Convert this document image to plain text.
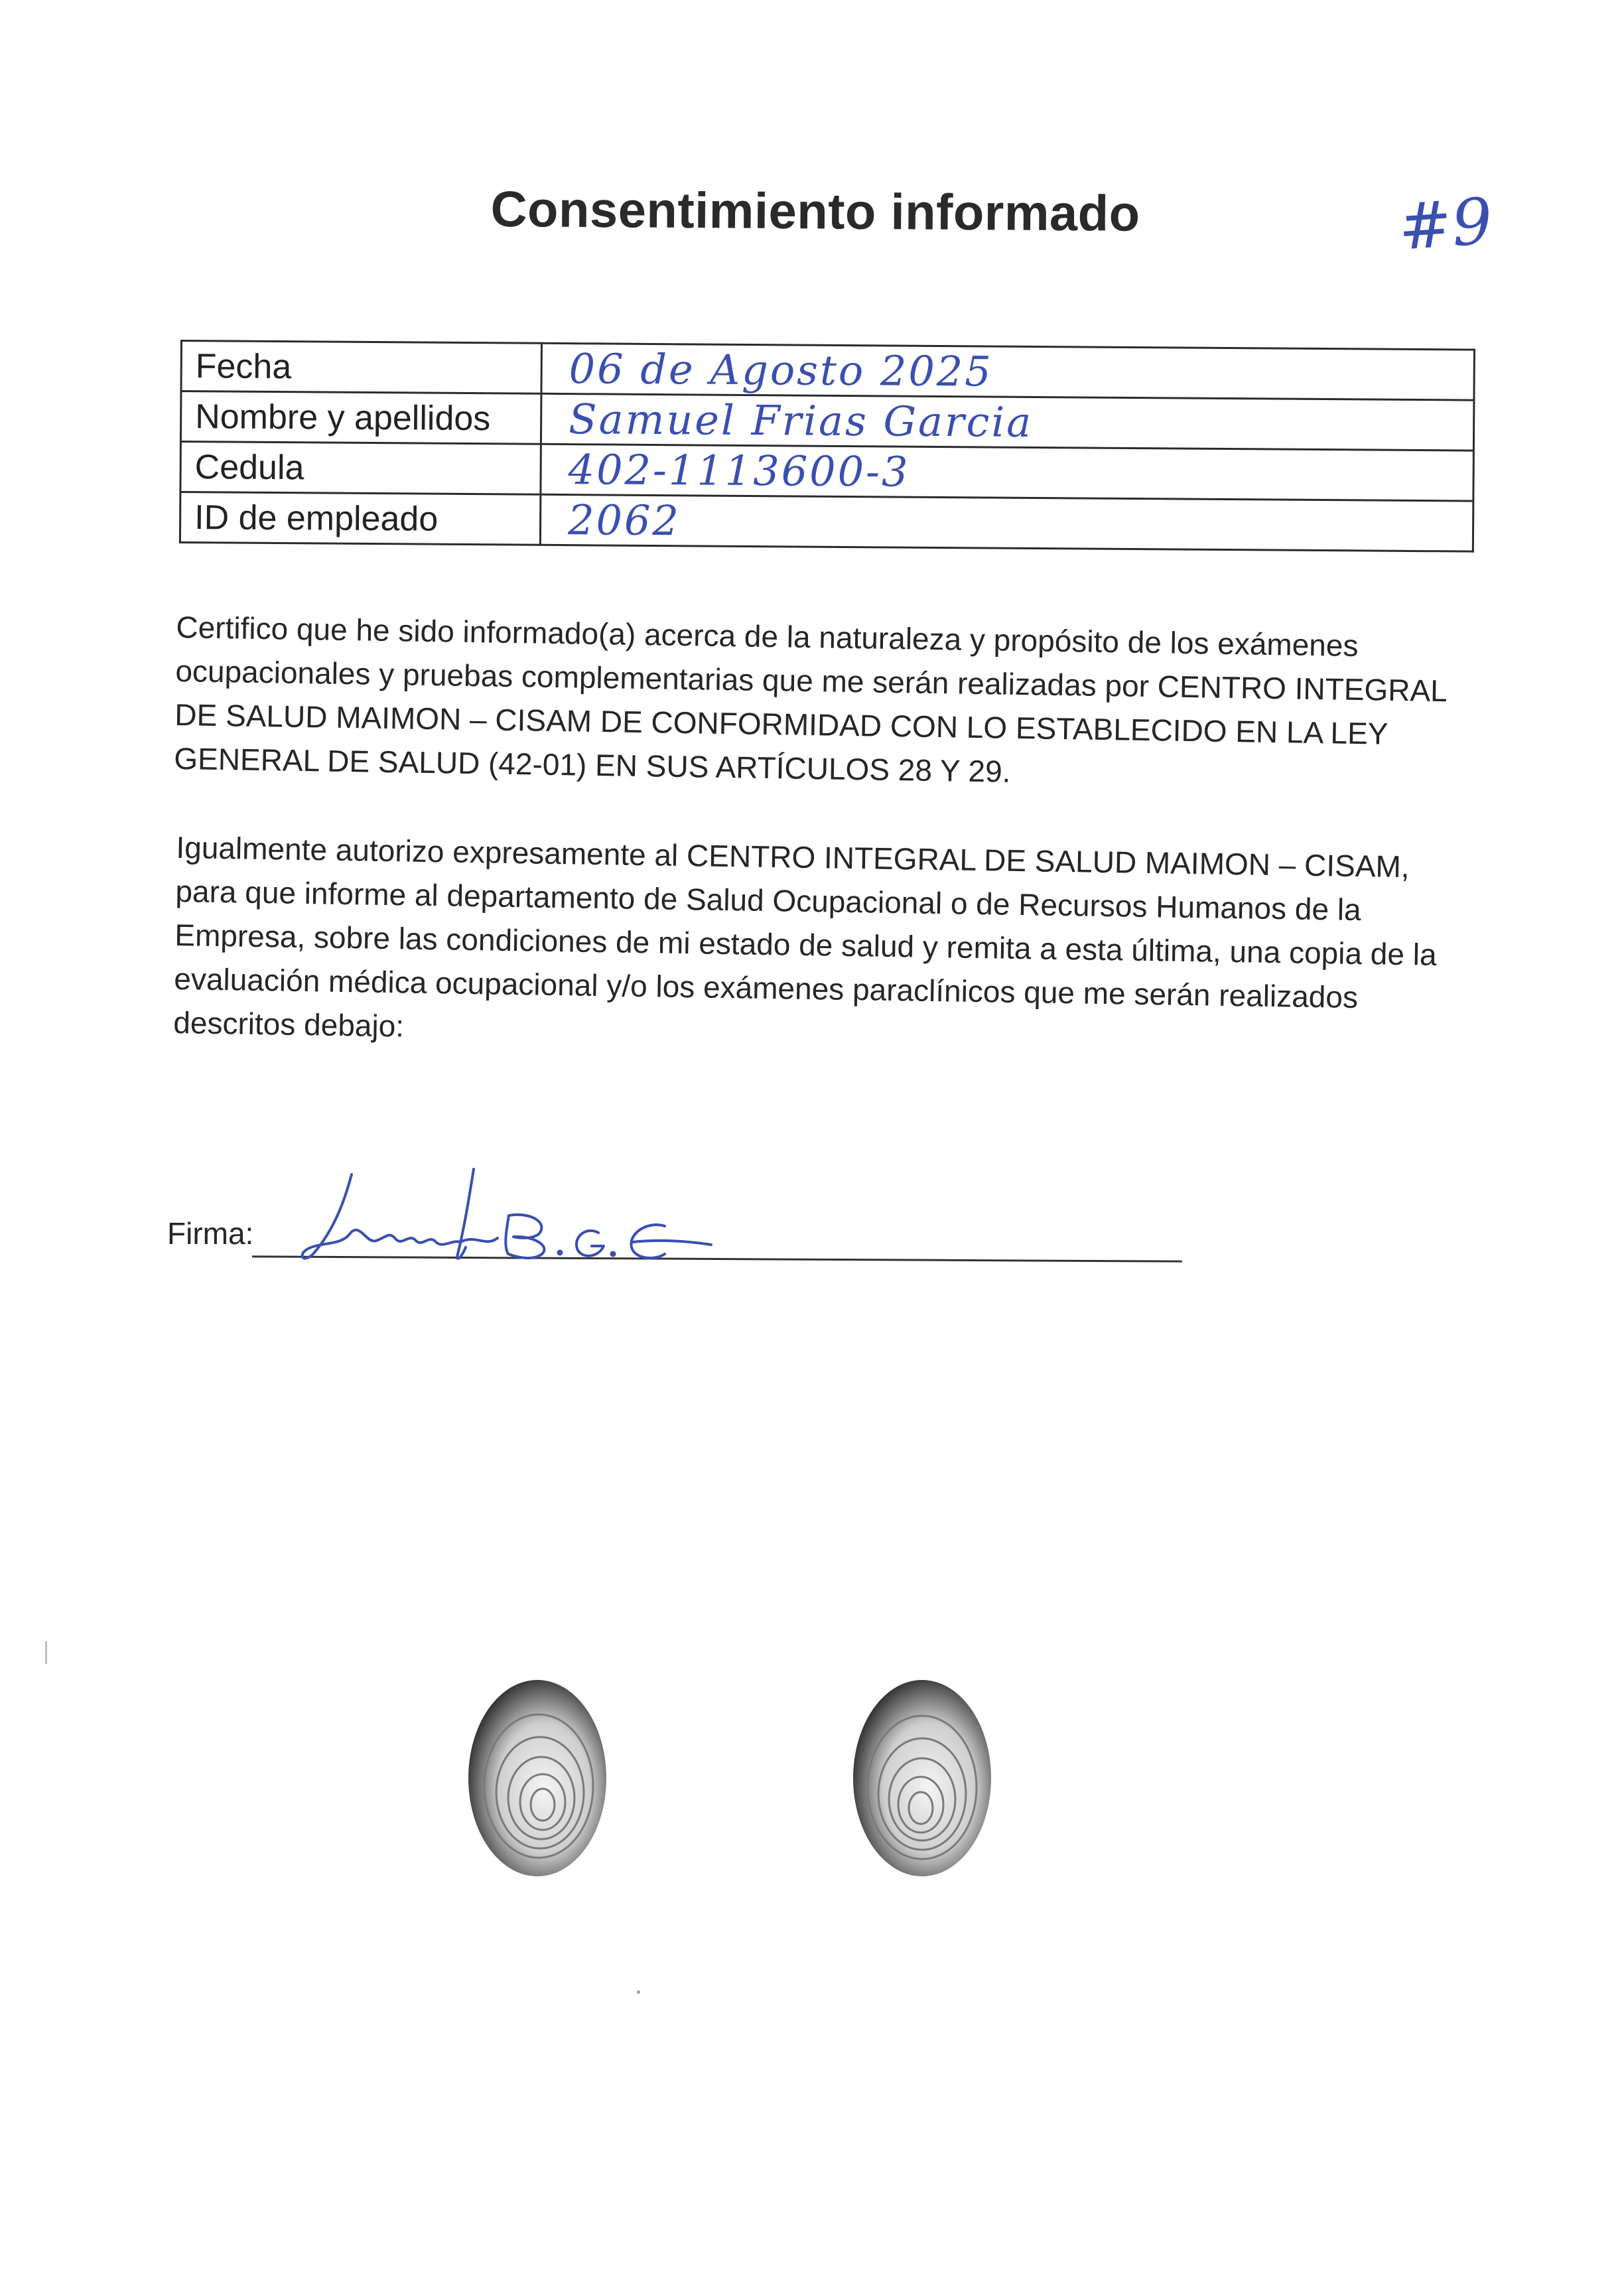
Consentimiento informado	#9
Fecha	06 de Agosto 2025
Nombre y apellidos	Samuel Frias Garcia
Cedula	402-1113600-3
ID de empleado	2062

Certifico que he sido informado(a) acerca de la naturaleza y propósito de los exámenes ocupacionales y pruebas complementarias que me serán realizadas por CENTRO INTEGRAL DE SALUD MAIMON – CISAM DE CONFORMIDAD CON LO ESTABLECIDO EN LA LEY GENERAL DE SALUD (42-01) EN SUS ARTÍCULOS 28 Y 29.

Igualmente autorizo expresamente al CENTRO INTEGRAL DE SALUD MAIMON – CISAM, para que informe al departamento de Salud Ocupacional o de Recursos Humanos de la Empresa, sobre las condiciones de mi estado de salud y remita a esta última, una copia de la evaluación médica ocupacional y/o los exámenes paraclínicos que me serán realizados descritos debajo:

Firma:
